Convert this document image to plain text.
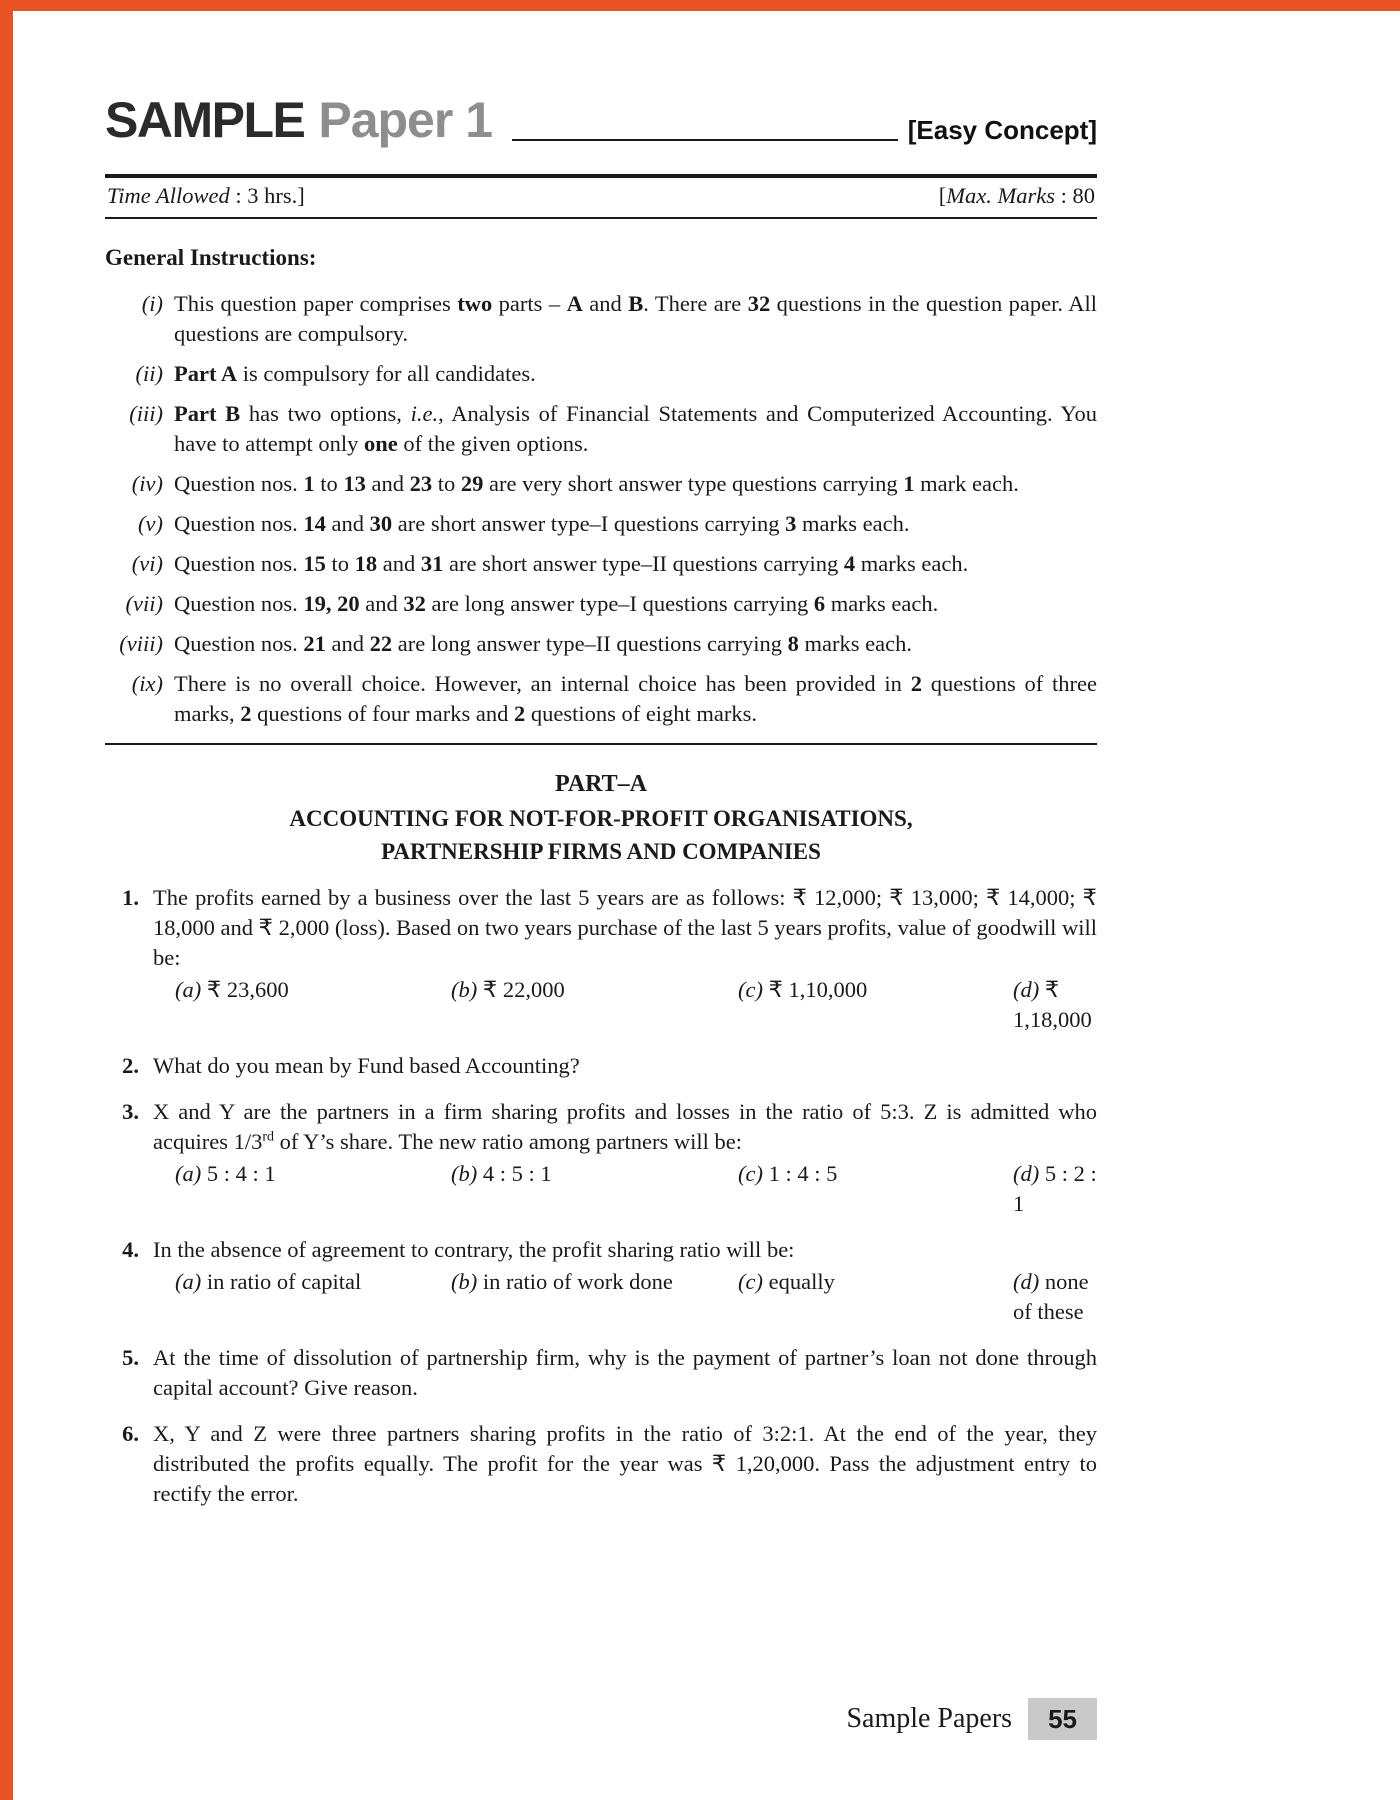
SAMPLE Paper 1	[Easy Concept]
Time Allowed : 3 hrs.]	[Max. Marks : 80
General Instructions:
(i) This question paper comprises two parts – A and B. There are 32 questions in the question paper. All questions are compulsory.
(ii) Part A is compulsory for all candidates.
(iii) Part B has two options, i.e., Analysis of Financial Statements and Computerized Accounting. You have to attempt only one of the given options.
(iv) Question nos. 1 to 13 and 23 to 29 are very short answer type questions carrying 1 mark each.
(v) Question nos. 14 and 30 are short answer type–I questions carrying 3 marks each.
(vi) Question nos. 15 to 18 and 31 are short answer type–II questions carrying 4 marks each.
(vii) Question nos. 19, 20 and 32 are long answer type–I questions carrying 6 marks each.
(viii) Question nos. 21 and 22 are long answer type–II questions carrying 8 marks each.
(ix) There is no overall choice. However, an internal choice has been provided in 2 questions of three marks, 2 questions of four marks and 2 questions of eight marks.
PART–A
ACCOUNTING FOR NOT-FOR-PROFIT ORGANISATIONS,
PARTNERSHIP FIRMS AND COMPANIES
1. The profits earned by a business over the last 5 years are as follows: ₹ 12,000; ₹ 13,000; ₹ 14,000; ₹ 18,000 and ₹ 2,000 (loss). Based on two years purchase of the last 5 years profits, value of goodwill will be:
(a) ₹ 23,600	(b) ₹ 22,000	(c) ₹ 1,10,000	(d) ₹ 1,18,000
2. What do you mean by Fund based Accounting?
3. X and Y are the partners in a firm sharing profits and losses in the ratio of 5:3. Z is admitted who acquires 1/3rd of Y’s share. The new ratio among partners will be:
(a) 5 : 4 : 1	(b) 4 : 5 : 1	(c) 1 : 4 : 5	(d) 5 : 2 : 1
4. In the absence of agreement to contrary, the profit sharing ratio will be:
(a) in ratio of capital	(b) in ratio of work done	(c) equally	(d) none of these
5. At the time of dissolution of partnership firm, why is the payment of partner’s loan not done through capital account? Give reason.
6. X, Y and Z were three partners sharing profits in the ratio of 3:2:1. At the end of the year, they distributed the profits equally. The profit for the year was ₹ 1,20,000. Pass the adjustment entry to rectify the error.
Sample Papers	55
